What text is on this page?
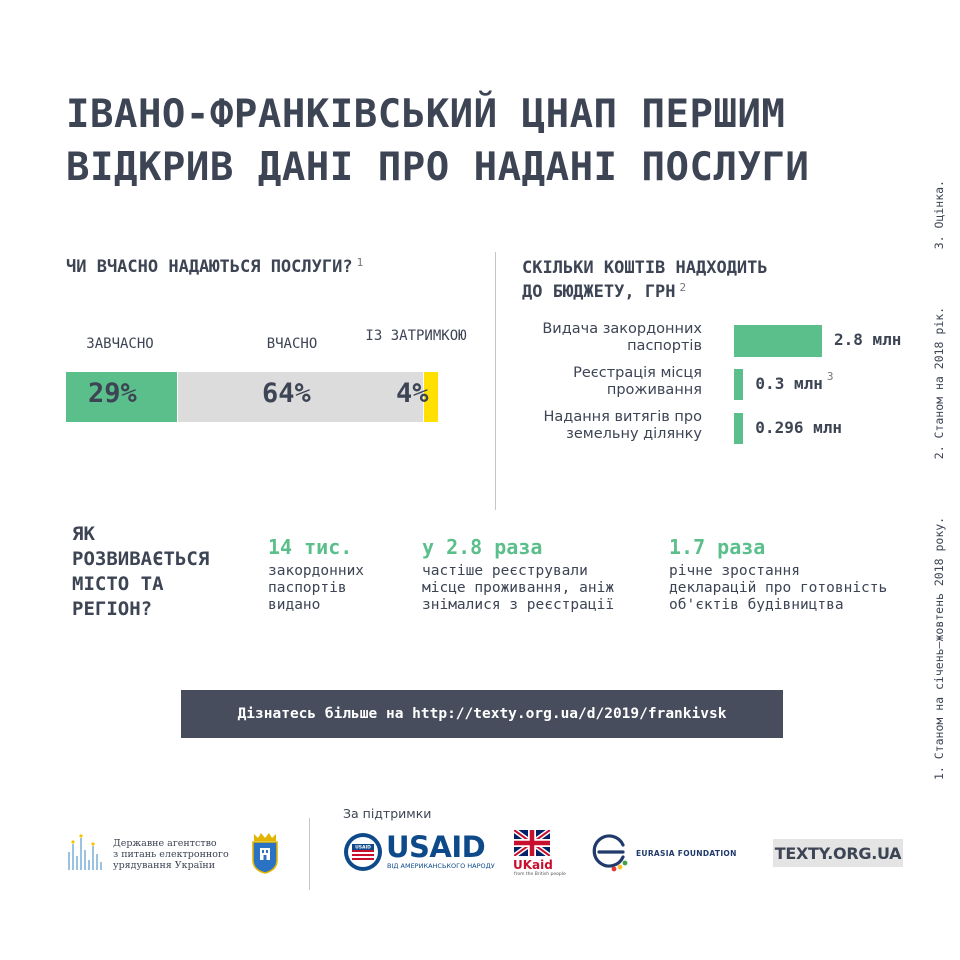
ІВАНО-ФРАНКІВСЬКИЙ ЦНАП ПЕРШИМ
ВІДКРИВ ДАНІ ПРО НАДАНІ ПОСЛУГИ
1. Станом на січень–жовтень 2018 року.
2. Станом на 2018 рік.
3. Оцінка.
ЧИ ВЧАСНО НАДАЮТЬСЯ ПОСЛУГИ? $^1$
ЗАВЧАСНО	ВЧАСНО	ІЗ ЗАТРИМКОЮ
29%	64%	4%
СКІЛЬКИ КОШТІВ НАДХОДИТЬ
ДО БЮДЖЕТУ, ГРН $^2$
Видача закордонних
паспортів	2.8 млн
Реєстрація місця
проживання	0.3 млн $^3$
Надання витягів про
земельну ділянку	0.296 млн
ЯК
РОЗВИВАЄТЬСЯ
МІСТО ТА
РЕГІОН?
14 тис.
закордонних
паспортів
видано
у 2.8 раза
частіше реєстрували
місце проживання, аніж
знімалися з реєстрації
1.7 раза
річне зростання
декларацій про готовність
об'єктів будівництва
Дізнатесь більше на http://texty.org.ua/d/2019/frankivsk
За підтримки
Державне агентство
з питань електронного
урядування України
USAID USAID
ВІД АМЕРИКАНСЬКОГО НАРОДУ UKaid
from the British people
EURASIA FOUNDATION TEXTY.ORG.UA
